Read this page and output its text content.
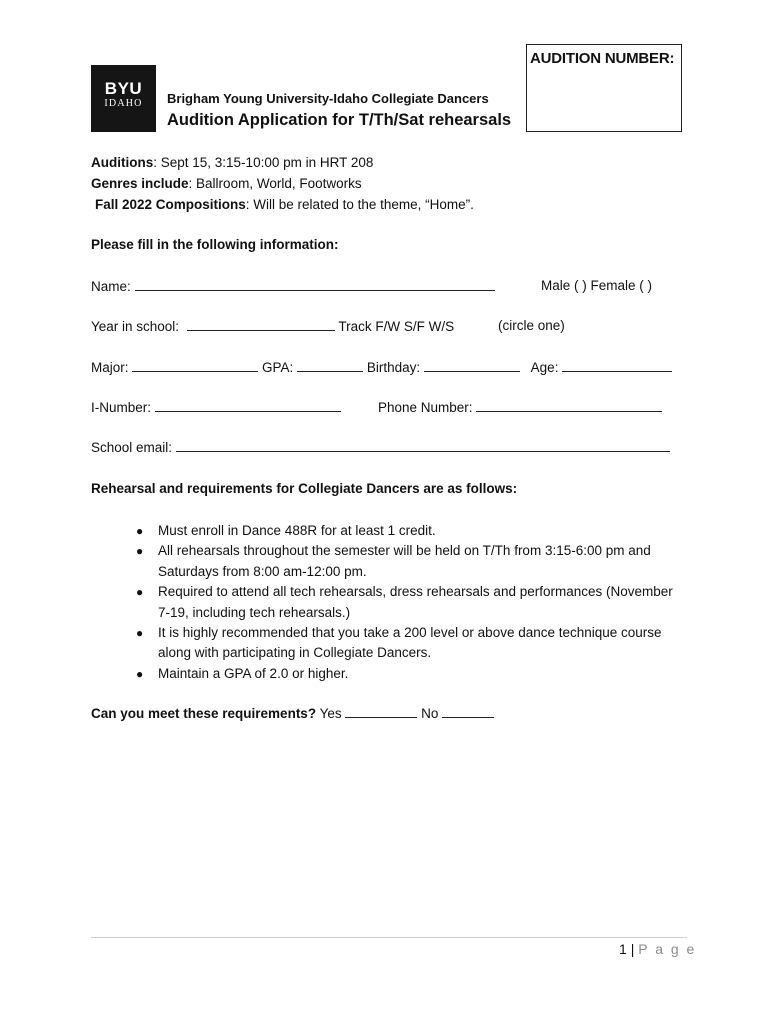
AUDITION NUMBER:
BYU
IDAHO	Brigham Young University-Idaho Collegiate Dancers
Audition Application for T/Th/Sat rehearsals
Auditions: Sept 15, 3:15-10:00 pm in HRT 208
Genres include: Ballroom, World, Footworks
Fall 2022 Compositions: Will be related to the theme, “Home”.
Please fill in the following information:
Name:	Male ( ) Female ( )
Year in school:	Track F/W S/F W/S	(circle one)
Major:	GPA:	Birthday:	Age:
I-Number:	Phone Number:
School email:
Rehearsal and requirements for Collegiate Dancers are as follows:
● Must enroll in Dance 488R for at least 1 credit.
● All rehearsals throughout the semester will be held on T/Th from 3:15-6:00 pm and
Saturdays from 8:00 am-12:00 pm.
● Required to attend all tech rehearsals, dress rehearsals and performances (November
7-19, including tech rehearsals.)
● It is highly recommended that you take a 200 level or above dance technique course
along with participating in Collegiate Dancers.
● Maintain a GPA of 2.0 or higher.
Can you meet these requirements? Yes	No
1 | P a g e
